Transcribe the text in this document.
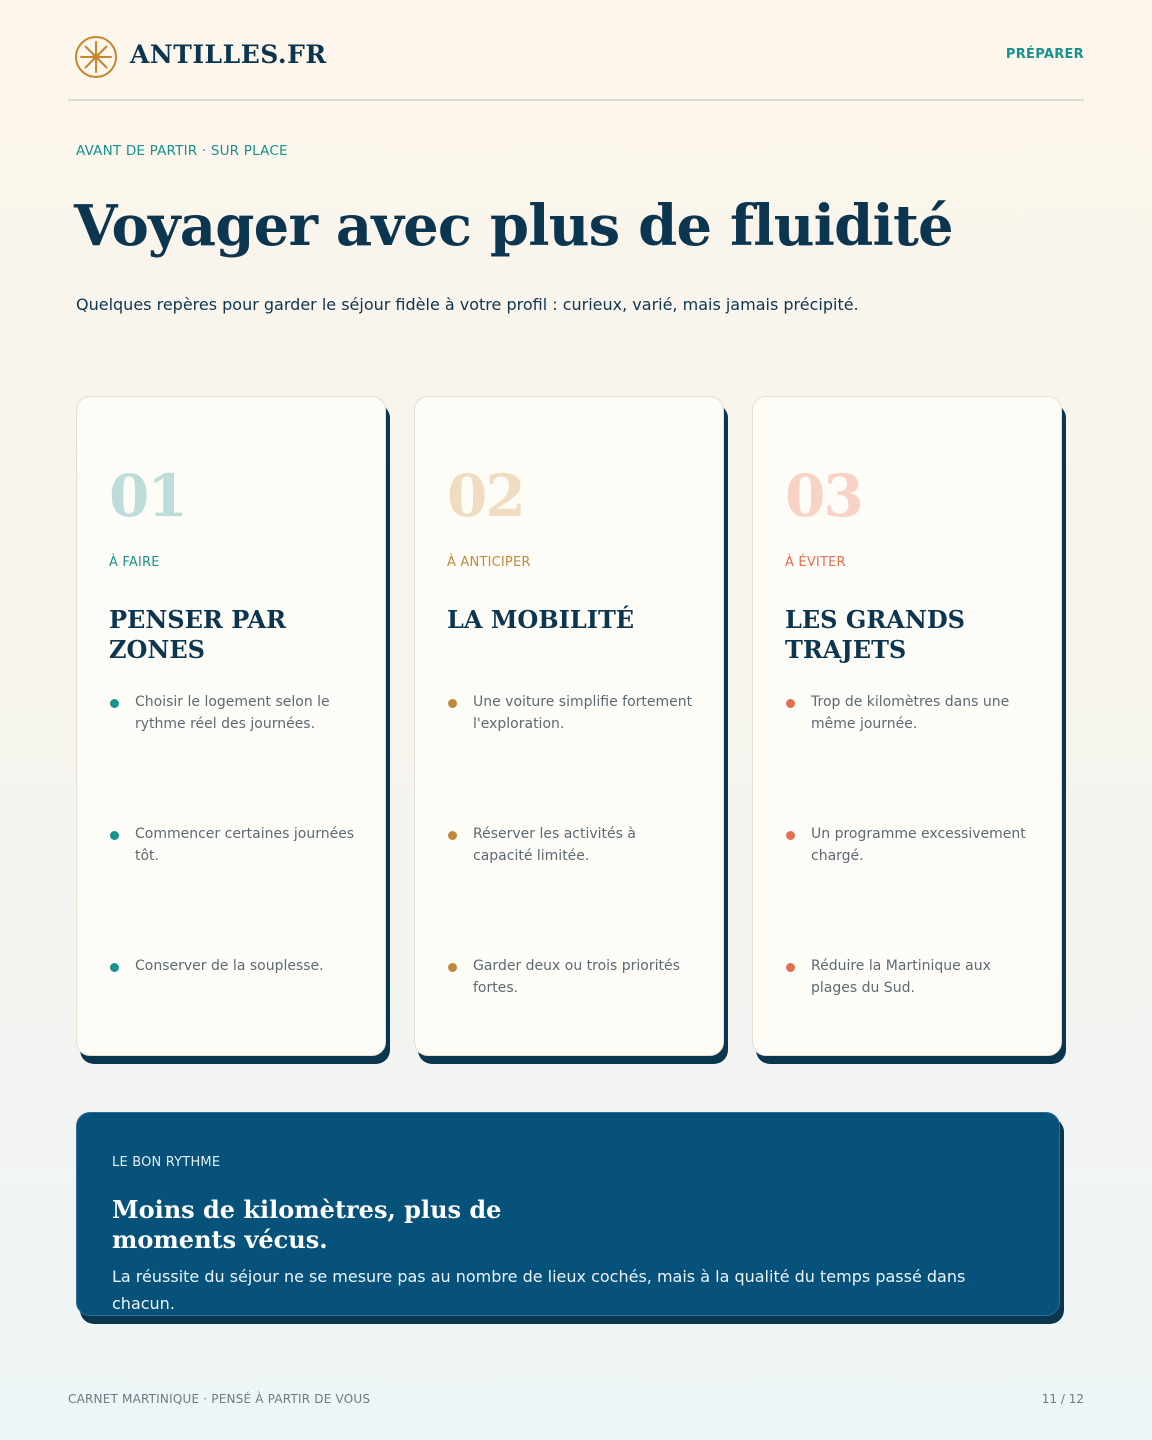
ANTILLES.FR	PRÉPARER
AVANT DE PARTIR · SUR PLACE
Voyager avec plus de fluidité
Quelques repères pour garder le séjour fidèle à votre profil : curieux, varié, mais jamais précipité.
01
À FAIRE
PENSER PAR ZONES
Choisir le logement selon le rythme réel des journées.
Commencer certaines journées tôt.
Conserver de la souplesse.
02
À ANTICIPER
LA MOBILITÉ
Une voiture simplifie fortement l'exploration.
Réserver les activités à capacité limitée.
Garder deux ou trois priorités fortes.
03
À ÉVITER
LES GRANDS TRAJETS
Trop de kilomètres dans une même journée.
Un programme excessivement chargé.
Réduire la Martinique aux plages du Sud.
LE BON RYTHME
Moins de kilomètres, plus de moments vécus.
La réussite du séjour ne se mesure pas au nombre de lieux cochés, mais à la qualité du temps passé dans chacun.
CARNET MARTINIQUE · PENSÉ À PARTIR DE VOUS	11 / 12
